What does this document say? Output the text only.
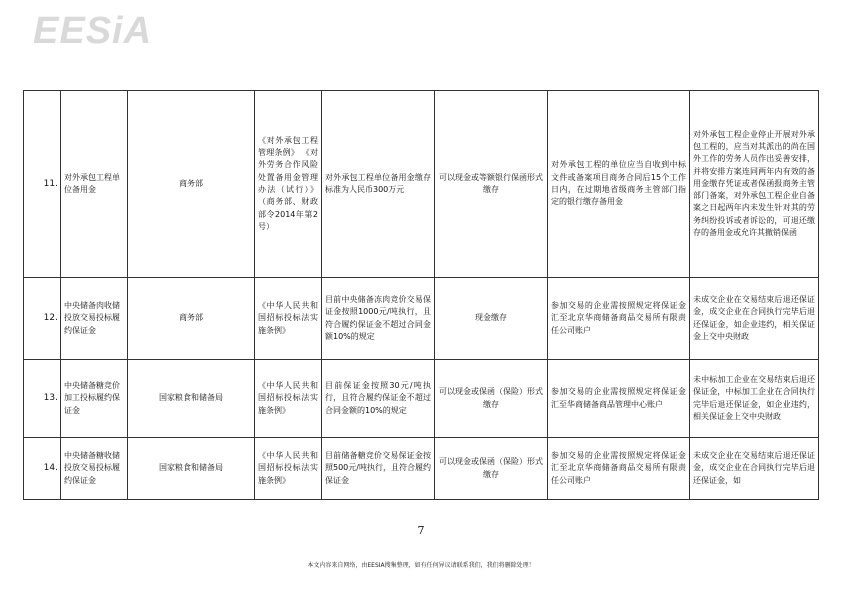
EESiA
11.	对外承包工程单位备用金	商务部	《对外承包工程管理条例》 《对外劳务合作风险处置备用金管理办法（试行）》（商务部、财政部令2014年第2号）	对外承包工程单位备用金缴存标准为人民币300万元	可以现金或等额银行保函形式缴存	对外承包工程的单位应当自收到中标文件或备案项目商务合同后15个工作日内，在过期地省级商务主管部门指定的银行缴存备用金	对外承包工程企业停止开展对外承包工程的，应当对其派出的尚在国外工作的劳务人员作出妥善安排，并将安排方案连同两年内有效的备用金缴存凭证或者保函报商务主管部门备案，对外承包工程企业自备案之日起两年内未发生针对其的劳务纠纷投诉或者诉讼的，可退还缴存的备用金或允许其撤销保函
12.	中央储备肉收储投放交易投标履约保证金	商务部	《中华人民共和国招标投标法实施条例》	目前中央储备冻肉竞价交易保证金按照1000元/吨执行，且符合履约保证金不超过合同金额10%的规定	现金缴存	参加交易的企业需按照规定将保证金汇至北京华商储备商品交易所有限责任公司账户	未成交企业在交易结束后退还保证金，成交企业在合同执行完毕后退还保证金，如企业违约，相关保证金上交中央财政
13.	中央储备糖竞价加工投标履约保证金	国家粮食和储备局	《中华人民共和国招标投标法实施条例》	目前保证金按照30元/吨执行，且符合履约保证金不超过合同金额的10%的规定	可以现金或保函（保险）形式缴存	参加交易的企业需按照规定将保证金汇至华商储备商品管理中心账户	未中标加工企业在交易结束后退还保证金，中标加工企业在合同执行完毕后退还保证金，如企业违约，相关保证金上交中央财政
14.	中央储备糖收储投放交易投标履约保证金	国家粮食和储备局	《中华人民共和国招标投标法实施条例》	目前储备糖竞价交易保证金按照500元/吨执行，且符合履约保证金	可以现金或保函（保险）形式缴存	参加交易的企业需按照规定将保证金汇至北京华商储备商品交易所有限责任公司账户	未成交企业在交易结束后退还保证金，成交企业在合同执行完毕后退还保证金，如
7
本文内容来自网络，由EESIA搜集整理，如有任何异议请联系我们，我们将删除处理！
